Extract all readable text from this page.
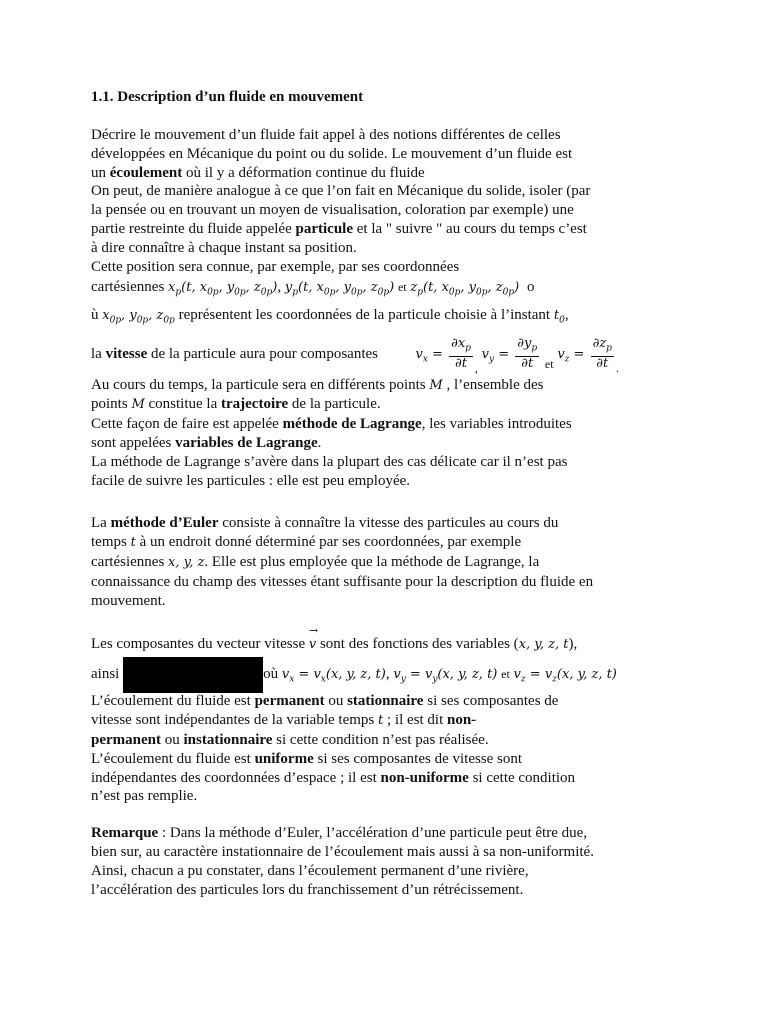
1.1. Description d’un fluide en mouvement
Décrire le mouvement d’un fluide fait appel à des notions différentes de celles
développées en Mécanique du point ou du solide. Le mouvement d’un fluide est
un écoulement où il y a déformation continue du fluide
On peut, de manière analogue à ce que l’on fait en Mécanique du solide, isoler (par
la pensée ou en trouvant un moyen de visualisation, coloration par exemple) une
partie restreinte du fluide appelée particule et la " suivre " au cours du temps c’est
à dire connaître à chaque instant sa position.
Cette position sera connue, par exemple, par ses coordonnées
cartésiennes $x_p(t$, $x_{0p}$, $y_{0p}$, $z_{0p}$), $y_p(t$, $x_{0p}$, $y_{0p}$, $z_{0p}$) et $z_p(t$, $x_{0p}$, $y_{0p}$, $z_{0p}$) o
ù $x_{0p}$, $y_{0p}$, $z_{0p}$ représentent les coordonnées de la particule choisie à l’instant $t_0$,
la vitesse de la particule aura pour composantes	$v_x = \frac{\partial x_p}{\partial t} _,$ $v_y = \frac{\partial y_p}{\partial t} _{et}$ $v_z = \frac{\partial z_p}{\partial t} _.$
Au cours du temps, la particule sera en différents points M , l’ensemble des
points M constitue la trajectoire de la particule.
Cette façon de faire est appelée méthode de Lagrange, les variables introduites
sont appelées variables de Lagrange.
La méthode de Lagrange s’avère dans la plupart des cas délicate car il n’est pas
facile de suivre les particules : elle est peu employée.
La méthode d’Euler consiste à connaître la vitesse des particules au cours du
temps t à un endroit donné déterminé par ses coordonnées, par exemple
cartésiennes x, y, z. Elle est plus employée que la méthode de Lagrange, la
connaissance du champ des vitesses étant suffisante pour la description du fluide en
mouvement.
Les composantes du vecteur vitesse
→
v sont des fonctions des variables (x, y, z, t),
ainsi	où $v_x = v_x(x$, y, z, t), $v_y = v_y(x$, y, z, t) et $v_z = v_z(x$, y, z, t)
L’écoulement du fluide est permanent ou stationnaire si ses composantes de
vitesse sont indépendantes de la variable temps t ; il est dit non-
permanent ou instationnaire si cette condition n’est pas réalisée.
L’écoulement du fluide est uniforme si ses composantes de vitesse sont
indépendantes des coordonnées d’espace ; il est non-uniforme si cette condition
n’est pas remplie.
Remarque : Dans la méthode d’Euler, l’accélération d’une particule peut être due,
bien sur, au caractère instationnaire de l’écoulement mais aussi à sa non-uniformité.
Ainsi, chacun a pu constater, dans l’écoulement permanent d’une rivière,
l’accélération des particules lors du franchissement d’un rétrécissement.
